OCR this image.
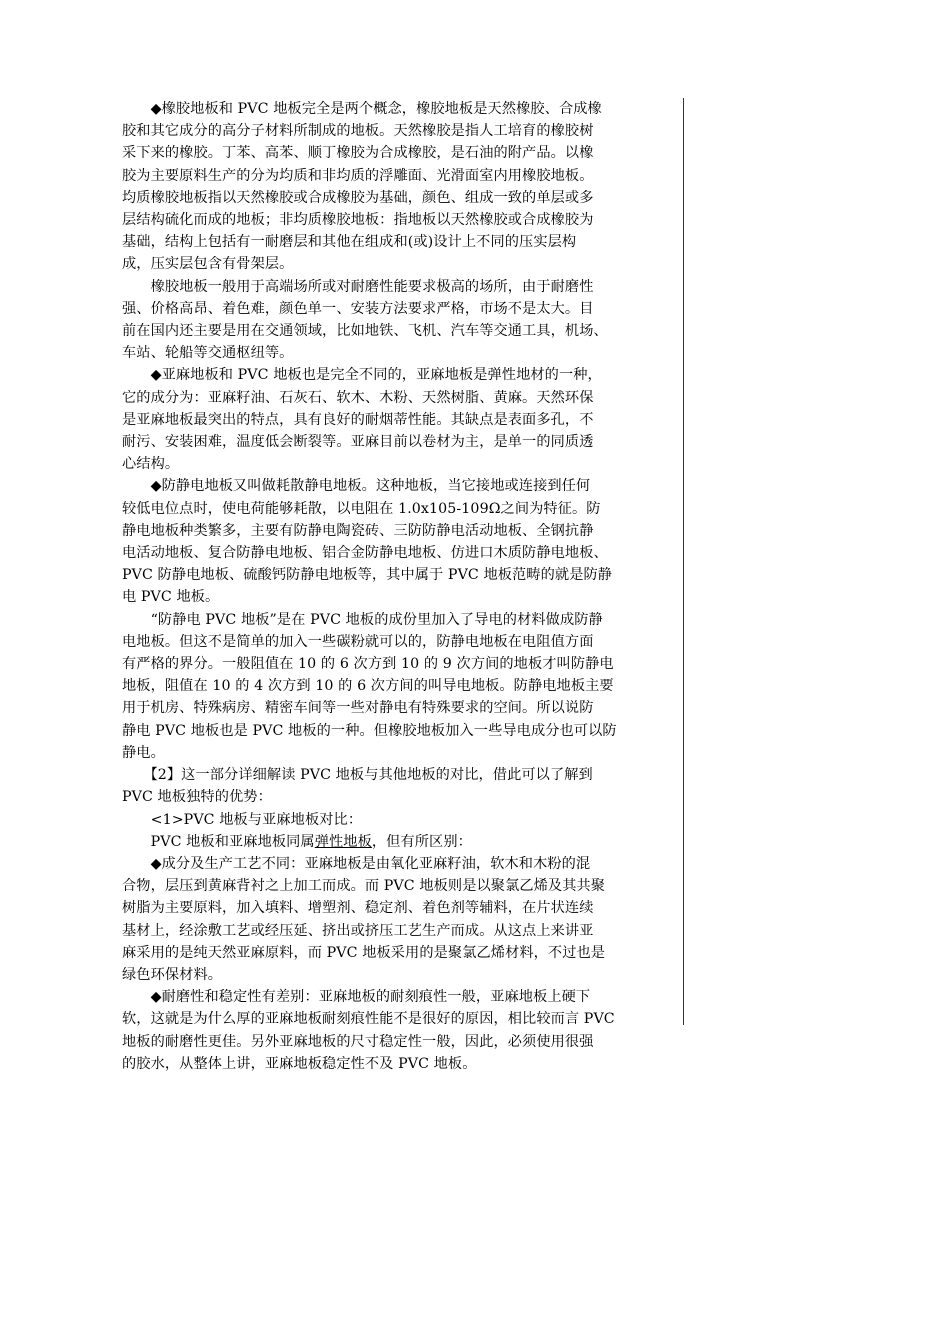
　　◆橡胶地板和 PVC 地板完全是两个概念，橡胶地板是天然橡胶、合成橡
胶和其它成分的高分子材料所制成的地板。天然橡胶是指人工培育的橡胶树
采下来的橡胶。丁苯、高苯、顺丁橡胶为合成橡胶，是石油的附产品。以橡
胶为主要原料生产的分为均质和非均质的浮雕面、光滑面室内用橡胶地板。
均质橡胶地板指以天然橡胶或合成橡胶为基础，颜色、组成一致的单层或多
层结构硫化而成的地板；非均质橡胶地板：指地板以天然橡胶或合成橡胶为
基础，结构上包括有一耐磨层和其他在组成和(或)设计上不同的压实层构
成，压实层包含有骨架层。
　　橡胶地板一般用于高端场所或对耐磨性能要求极高的场所，由于耐磨性
强、价格高昂、着色难，颜色单一、安装方法要求严格，市场不是太大。目
前在国内还主要是用在交通领域，比如地铁、飞机、汽车等交通工具，机场、
车站、轮船等交通枢纽等。
　　◆亚麻地板和 PVC 地板也是完全不同的，亚麻地板是弹性地材的一种，
它的成分为：亚麻籽油、石灰石、软木、木粉、天然树脂、黄麻。天然环保
是亚麻地板最突出的特点，具有良好的耐烟蒂性能。其缺点是表面多孔，不
耐污、安装困难，温度低会断裂等。亚麻目前以卷材为主，是单一的同质透
心结构。
　　◆防静电地板又叫做耗散静电地板。这种地板，当它接地或连接到任何
较低电位点时，使电荷能够耗散，以电阻在 1.0x105-109Ω之间为特征。防
静电地板种类繁多，主要有防静电陶瓷砖、三防防静电活动地板、全钢抗静
电活动地板、复合防静电地板、铝合金防静电地板、仿进口木质防静电地板、
PVC 防静电地板、硫酸钙防静电地板等，其中属于 PVC 地板范畴的就是防静
电 PVC 地板。
　　“防静电 PVC 地板”是在 PVC 地板的成份里加入了导电的材料做成防静
电地板。但这不是简单的加入一些碳粉就可以的，防静电地板在电阻值方面
有严格的界分。一般阻值在 10 的 6 次方到 10 的 9 次方间的地板才叫防静电
地板，阻值在 10 的 4 次方到 10 的 6 次方间的叫导电地板。防静电地板主要
用于机房、特殊病房、精密车间等一些对静电有特殊要求的空间。所以说防
静电 PVC 地板也是 PVC 地板的一种。但橡胶地板加入一些导电成分也可以防
静电。
　　【2】这一部分详细解读 PVC 地板与其他地板的对比，借此可以了解到
PVC 地板独特的优势：
　　<1>PVC 地板与亚麻地板对比：
　　PVC 地板和亚麻地板同属弹性地板，但有所区别：
　　◆成分及生产工艺不同：亚麻地板是由氧化亚麻籽油，软木和木粉的混
合物，层压到黄麻背衬之上加工而成。而 PVC 地板则是以聚氯乙烯及其共聚
树脂为主要原料，加入填料、增塑剂、稳定剂、着色剂等辅料，在片状连续
基材上，经涂敷工艺或经压延、挤出或挤压工艺生产而成。从这点上来讲亚
麻采用的是纯天然亚麻原料，而 PVC 地板采用的是聚氯乙烯材料，不过也是
绿色环保材料。
　　◆耐磨性和稳定性有差别：亚麻地板的耐刻痕性一般，亚麻地板上硬下
软，这就是为什么厚的亚麻地板耐刻痕性能不是很好的原因，相比较而言 PVC
地板的耐磨性更佳。另外亚麻地板的尺寸稳定性一般，因此，必须使用很强
的胶水，从整体上讲，亚麻地板稳定性不及 PVC 地板。
